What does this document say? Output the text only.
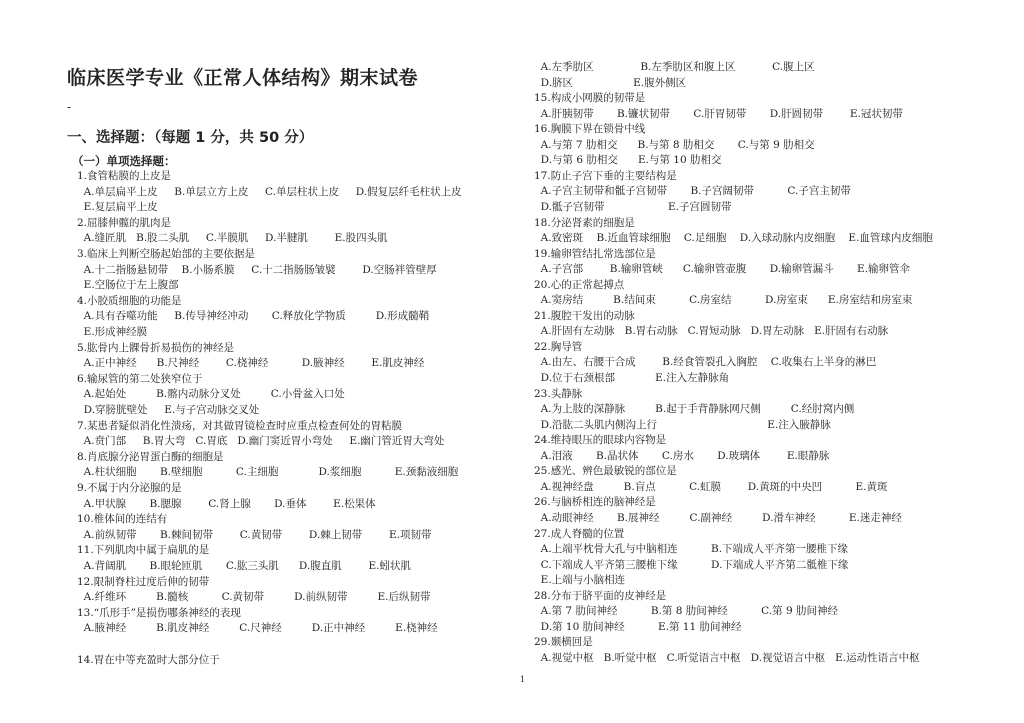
临床医学专业《正常人体结构》期末试卷
-
一、选择题：（每题 1 分，共 50 分）
（一）单项选择题：
1.食管粘膜的上皮是
A.单层扁平上皮     B.单层立方上皮     C.单层柱状上皮     D.假复层纤毛柱状上皮
E.复层扁平上皮
2.屈膝伸髋的肌肉是
A.缝匠肌   B.股二头肌     C.半膜肌     D.半腱肌        E.股四头肌
3.临床上判断空肠起始部的主要依据是
A.十二指肠悬韧带    B.小肠系膜     C.十二指肠肠皱襞        D.空肠袢管壁厚
E.空肠位于左上腹部
4.小胶质细胞的功能是
A.具有吞噬功能     B.传导神经冲动       C.释放化学物质         D.形成髓鞘
E.形成神经膜
5.肱骨内上髁骨折易损伤的神经是
A.正中神经      B.尺神经        C.桡神经          D.腋神经        E.肌皮神经
6.输尿管的第二处狭窄位于
A.起始处         B.髂内动脉分叉处         C.小骨盆入口处
D.穿膀胱壁处     E.与子宫动脉交叉处
7.某患者疑似消化性溃疡，对其做胃镜检查时应重点检查何处的胃粘膜
A.贲门部     B.胃大弯   C.胃底   D.幽门窦近胃小弯处     E.幽门管近胃大弯处
8.肖底腺分泌胃蛋白酶的细胞是
A.柱状细胞       B.壁细胞          C.主细胞            D.浆细胞          E.颈黏液细胞
9.不属于内分泌腺的是
A.甲状腺       B.腮腺        C.肾上腺       D.垂体        E.松果体
10.椎体间的连结有
A.前纵韧带       B.棘间韧带        C.黄韧带        D.棘上韧带        E.项韧带
11.下列肌肉中属于扁肌的是
A.背阔肌       B.眼轮匝肌       C.肱三头肌      D.腹直肌        E.蚓状肌
12.限制脊柱过度后伸的韧带
A.纤维环         B.髓核          C.黄韧带         D.前纵韧带         E.后纵韧带
13.“爪形手”是损伤哪条神经的表现
A.腋神经         B.肌皮神经         C.尺神经         D.正中神经         E.桡神经
14.胃在中等充盈时大部分位于
A.左季肋区              B.左季肋区和腹上区           C.腹上区
D.脐区                  E.腹外侧区
15.构成小网膜的韧带是
A.肝胰韧带       B.镰状韧带       C.肝胃韧带       D.肝圆韧带        E.冠状韧带
16.胸膜下界在锁骨中线
A.与第 7 肋相交      B.与第 8 肋相交       C.与第 9 肋相交
D.与第 6 肋相交      E.与第 10 肋相交
17.防止子宫下垂的主要结构是
A.子宫主韧带和骶子宫韧带       B.子宫阔韧带          C.子宫主韧带
D.骶子宫韧带                   E.子宫圆韧带
18.分泌肾素的细胞是
A.致密斑    B.近血管球细胞    C.足细胞    D.入球动脉内皮细胞    E.血管球内皮细胞
19.输卵管结扎常选部位是
A.子宫部        B.输卵管峡      C.输卵管壶腹       D.输卵管漏斗       E.输卵管伞
20.心的正常起搏点
A.窦房结         B.结间束          C.房室结          D.房室束      E.房室结和房室束
21.腹腔干发出的动脉
A.肝固有左动脉   B.胃右动脉   C.胃短动脉   D.胃左动脉   E.肝固有右动脉
22.胸导管
A.由左、右腰干合成        B.经食管裂孔入胸腔    C.收集右上半身的淋巴
D.位于右颈根部            E.注入左静脉角
23.头静脉
A.为上肢的深静脉         B.起于手背静脉网尺侧         C.经肘窝内侧
D.沿肱二头肌内侧沟上行                                 E.注入腋静脉
24.维持眼压的眼球内容物是
A.泪液       B.晶状体       C.房水       D.玻璃体        E.眼静脉
25.感光、辨色最敏锐的部位是
A.视神经盘         B.盲点          C.虹膜        D.黄斑的中央凹          E.黄斑
26.与脑桥相连的脑神经是
A.动眼神经       B.展神经         C.副神经         D.滑车神经          E.迷走神经
27.成人脊髓的位置
A.上端平枕骨大孔与中脑相连          B.下端成人平齐第一腰椎下缘
C.下端成人平齐第三腰椎下缘          D.下端成人平齐第二骶椎下缘
E.上端与小脑相连
28.分布于脐平面的皮神经是
A.第 7 肋间神经          B.第 8 肋间神经          C.第 9 肋间神经
D.第 10 肋间神经          E.第 11 肋间神经
29.颞横回是
A.视觉中枢   B.听觉中枢   C.听觉语言中枢   D.视觉语言中枢   E.运动性语言中枢
1
